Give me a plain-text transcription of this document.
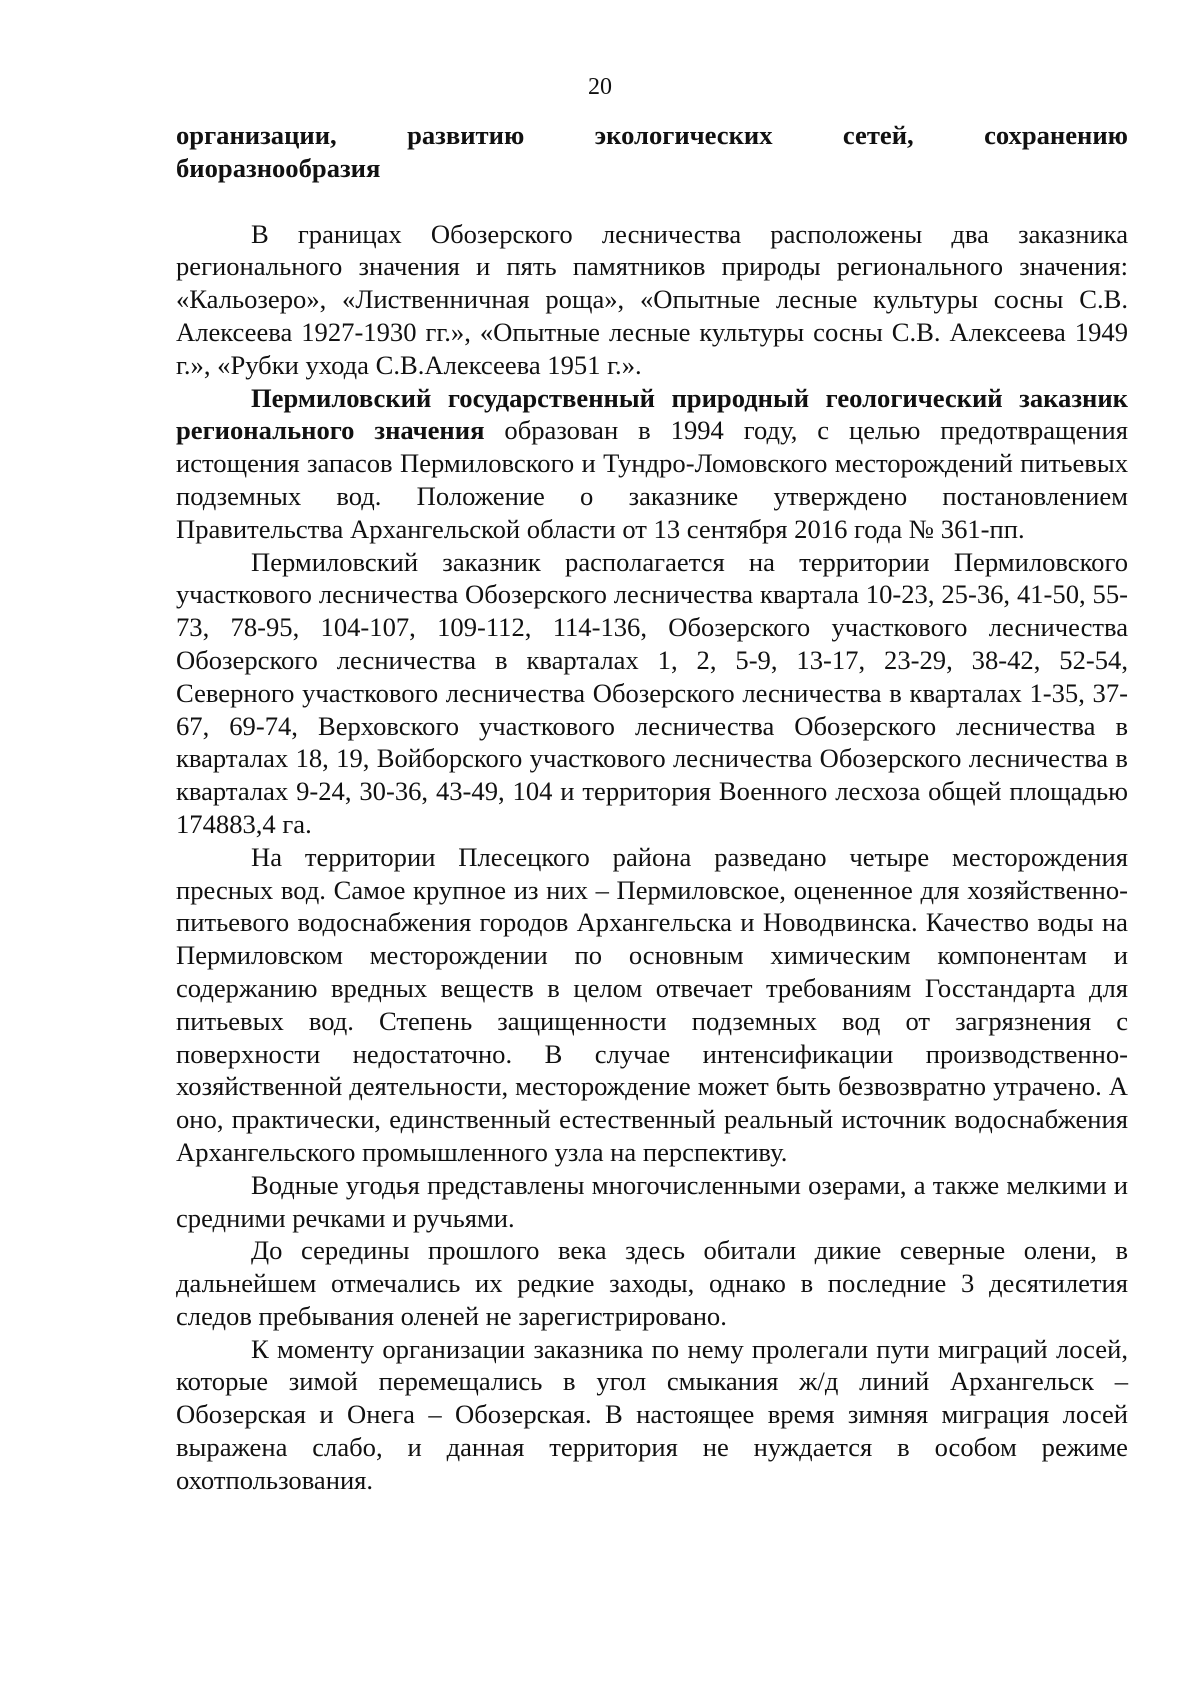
20
организации,	развитию	экологических	сетей,	сохранению
биоразнообразия

В границах Обозерского лесничества расположены два заказника регионального значения и пять памятников природы регионального значения: «Кальозеро», «Лиственничная роща», «Опытные лесные культуры сосны С.В. Алексеева 1927-1930 гг.», «Опытные лесные культуры сосны С.В. Алексеева 1949 г.», «Рубки ухода С.В.Алексеева 1951 г.».

Пермиловский государственный природный геологический заказник регионального значения образован в 1994 году, с целью предотвращения истощения запасов Пермиловского и Тундро-Ломовского месторождений питьевых подземных вод. Положение о заказнике утверждено постановлением Правительства Архангельской области от 13 сентября 2016 года № 361-пп.

Пермиловский заказник располагается на территории Пермиловского участкового лесничества Обозерского лесничества квартала 10-23, 25-36, 41-50, 55-73, 78-95, 104-107, 109-112, 114-136, Обозерского участкового лесничества Обозерского лесничества в кварталах 1, 2, 5-9, 13-17, 23-29, 38-42, 52-54, Северного участкового лесничества Обозерского лесничества в кварталах 1-35, 37-67, 69-74, Верховского участкового лесничества Обозерского лесничества в кварталах 18, 19, Войборского участкового лесничества Обозерского лесничества в кварталах 9-24, 30-36, 43-49, 104 и территория Военного лесхоза общей площадью 174883,4 га.

На территории Плесецкого района разведано четыре месторождения пресных вод. Самое крупное из них – Пермиловское, оцененное для хозяйственно-питьевого водоснабжения городов Архангельска и Новодвинска. Качество воды на Пермиловском месторождении по основным химическим компонентам и содержанию вредных веществ в целом отвечает требованиям Госстандарта для питьевых вод. Степень защищенности подземных вод от загрязнения с поверхности недостаточно. В случае интенсификации производственно-хозяйственной деятельности, месторождение может быть безвозвратно утрачено. А оно, практически, единственный естественный реальный источник водоснабжения Архангельского промышленного узла на перспективу.

Водные угодья представлены многочисленными озерами, а также мелкими и средними речками и ручьями.

До середины прошлого века здесь обитали дикие северные олени, в дальнейшем отмечались их редкие заходы, однако в последние 3 десятилетия следов пребывания оленей не зарегистрировано.

К моменту организации заказника по нему пролегали пути миграций лосей, которые зимой перемещались в угол смыкания ж/д линий Архангельск – Обозерская и Онега – Обозерская. В настоящее время зимняя миграция лосей выражена слабо, и данная территория не нуждается в особом режиме охотпользования.
